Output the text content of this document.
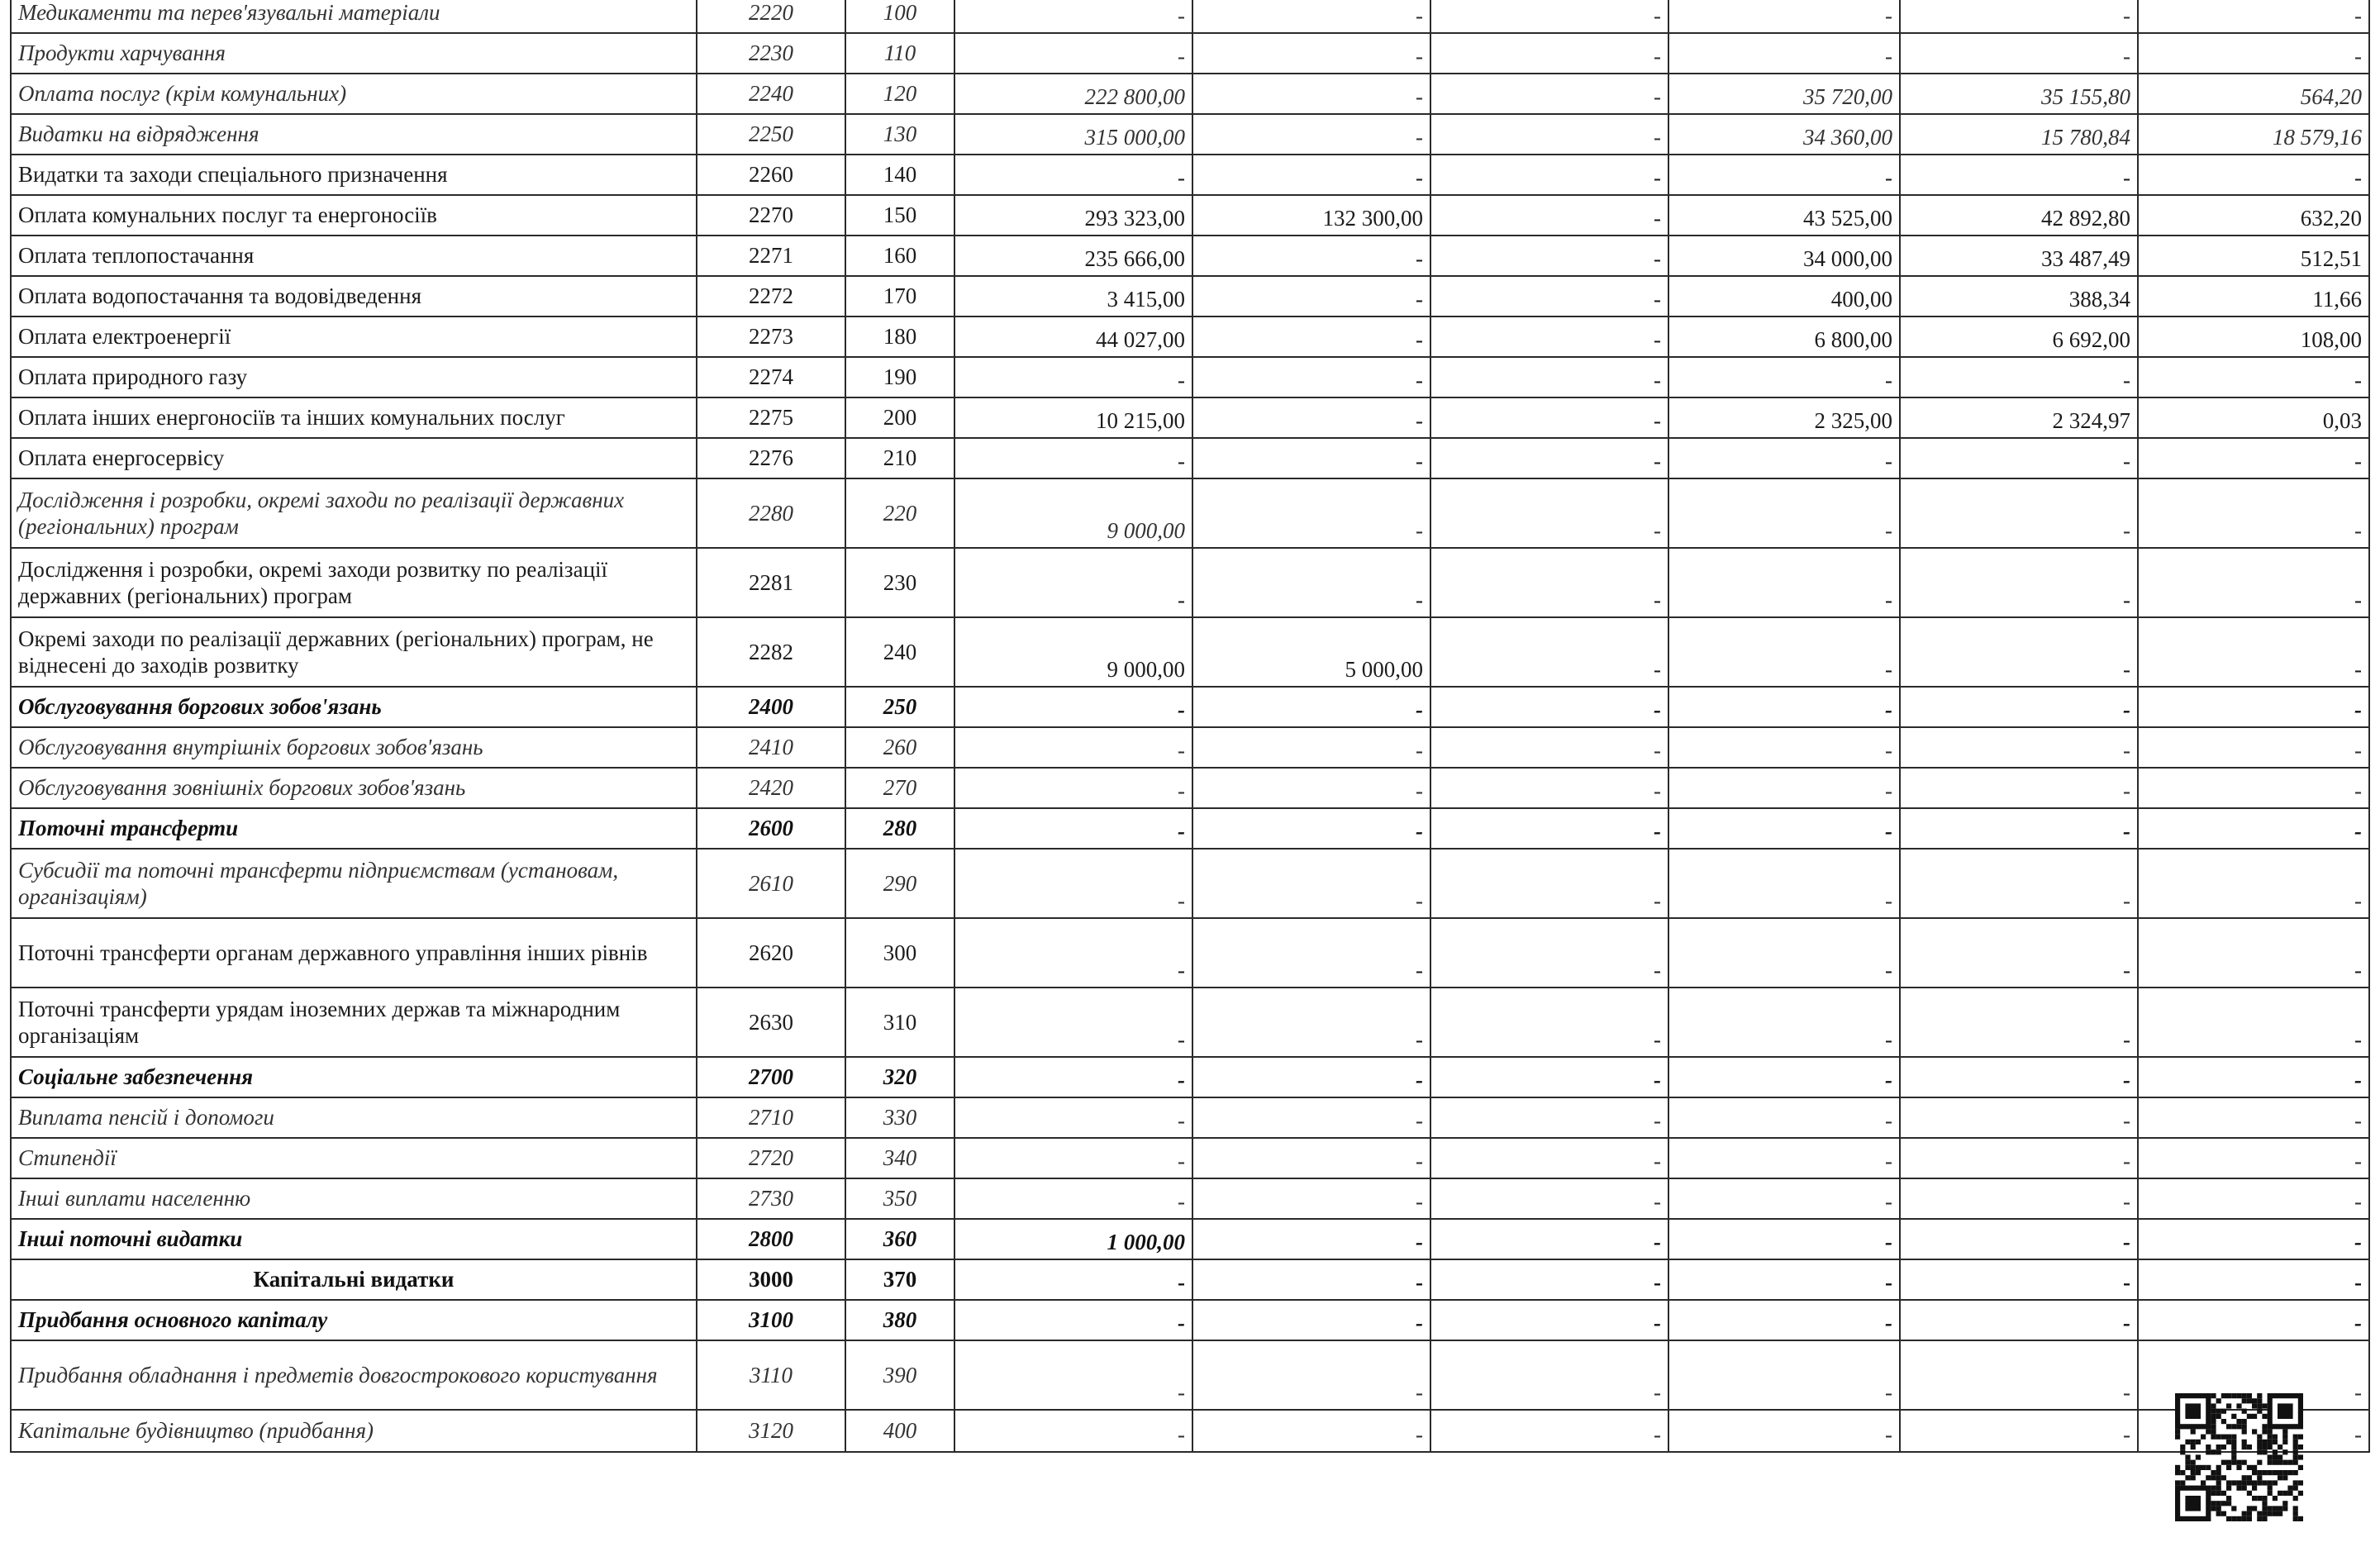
Медикаменти та перев'язувальні матеріали	2220	100	-	-	-	-	-	-
Продукти харчування	2230	110	-	-	-	-	-	-
Оплата послуг (крім комунальних)	2240	120	222 800,00	-	-	35 720,00	35 155,80	564,20
Видатки на відрядження	2250	130	315 000,00	-	-	34 360,00	15 780,84	18 579,16
Видатки та заходи спеціального призначення	2260	140	-	-	-	-	-	-
Оплата комунальних послуг та енергоносіїв	2270	150	293 323,00	132 300,00	-	43 525,00	42 892,80	632,20
Оплата теплопостачання	2271	160	235 666,00	-	-	34 000,00	33 487,49	512,51
Оплата водопостачання та водовідведення	2272	170	3 415,00	-	-	400,00	388,34	11,66
Оплата електроенергії	2273	180	44 027,00	-	-	6 800,00	6 692,00	108,00
Оплата природного газу	2274	190	-	-	-	-	-	-
Оплата інших енергоносіїв та інших комунальних послуг	2275	200	10 215,00	-	-	2 325,00	2 324,97	0,03
Оплата енергосервісу	2276	210	-	-	-	-	-	-
Дослідження і розробки, окремі заходи по реалізації державних (регіональних) програм	2280	220	9 000,00	-	-	-	-	-
Дослідження і розробки, окремі заходи розвитку по реалізації державних (регіональних) програм	2281	230	-	-	-	-	-	-
Окремі заходи по реалізації державних (регіональних) програм, не віднесені до заходів розвитку	2282	240	9 000,00	5 000,00	-	-	-	-
Обслуговування боргових зобов'язань	2400	250	-	-	-	-	-	-
Обслуговування внутрішніх боргових зобов'язань	2410	260	-	-	-	-	-	-
Обслуговування зовнішніх боргових зобов'язань	2420	270	-	-	-	-	-	-
Поточні трансферти	2600	280	-	-	-	-	-	-
Субсидії та поточні трансферти підприємствам (установам, організаціям)	2610	290	-	-	-	-	-	-
Поточні трансферти органам державного управління інших рівнів	2620	300	-	-	-	-	-	-
Поточні трансферти урядам іноземних держав та міжнародним організаціям	2630	310	-	-	-	-	-	-
Соціальне забезпечення	2700	320	-	-	-	-	-	-
Виплата пенсій і допомоги	2710	330	-	-	-	-	-	-
Стипендії	2720	340	-	-	-	-	-	-
Інші виплати населенню	2730	350	-	-	-	-	-	-
Інші поточні видатки	2800	360	1 000,00	-	-	-	-	-
Капітальні видатки	3000	370	-	-	-	-	-	-
Придбання основного капіталу	3100	380	-	-	-	-	-	-
Придбання обладнання і предметів довгострокового користування	3110	390	-	-	-	-	-	-
Капітальне будівництво (придбання)	3120	400	-	-	-	-	-	-
